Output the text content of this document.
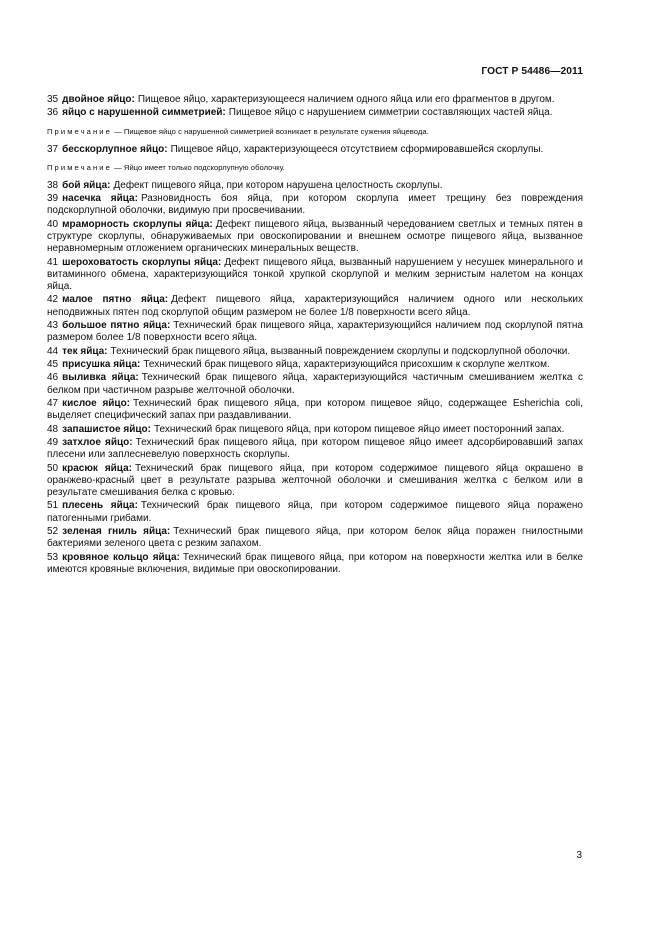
ГОСТ Р 54486—2011

35 двойное яйцо: Пищевое яйцо, характеризующееся наличием одного яйца или его фрагментов в другом.

36 яйцо с нарушенной симметрией: Пищевое яйцо с нарушением симметрии составляющих частей яйца.

Примечание — Пищевое яйцо с нарушенной симметрией возникает в результате сужения яйцевода.

37 бесскорлупное яйцо: Пищевое яйцо, характеризующееся отсутствием сформировавшейся скорлупы.

Примечание — Яйцо имеет только подскорлупную оболочку.

38 бой яйца: Дефект пищевого яйца, при котором нарушена целостность скорлупы.

39 насечка яйца: Разновидность боя яйца, при котором скорлупа имеет трещину без повреждения подскорлупной оболочки, видимую при просвечивании.

40 мраморность скорлупы яйца: Дефект пищевого яйца, вызванный чередованием светлых и темных пятен в структуре скорлупы, обнаруживаемых при овоскопировании и внешнем осмотре пищевого яйца, вызванное неравномерным отложением органических минеральных веществ.

41 шероховатость скорлупы яйца: Дефект пищевого яйца, вызванный нарушением у несушек минерального и витаминного обмена, характеризующийся тонкой хрупкой скорлупой и мелким зернистым налетом на концах яйца.

42 малое пятно яйца: Дефект пищевого яйца, характеризующийся наличием одного или нескольких неподвижных пятен под скорлупой общим размером не более 1/8 поверхности всего яйца.

43 большое пятно яйца: Технический брак пищевого яйца, характеризующийся наличием под скорлупой пятна размером более 1/8 поверхности всего яйца.

44 тек яйца: Технический брак пищевого яйца, вызванный повреждением скорлупы и подскорлупной оболочки.

45 присушка яйца: Технический брак пищевого яйца, характеризующийся присохшим к скорлупе желтком.

46 выливка яйца: Технический брак пищевого яйца, характеризующийся частичным смешиванием желтка с белком при частичном разрыве желточной оболочки.

47 кислое яйцо: Технический брак пищевого яйца, при котором пищевое яйцо, содержащее Esherichia coli, выделяет специфический запах при раздавливании.

48 запашистое яйцо: Технический брак пищевого яйца, при котором пищевое яйцо имеет посторонний запах.

49 затхлое яйцо: Технический брак пищевого яйца, при котором пищевое яйцо имеет адсорбировавший запах плесени или заплесневелую поверхность скорлупы.

50 красюк яйца: Технический брак пищевого яйца, при котором содержимое пищевого яйца окрашено в оранжево-красный цвет в результате разрыва желточной оболочки и смешивания желтка с белком или в результате смешивания белка с кровью.

51 плесень яйца: Технический брак пищевого яйца, при котором содержимое пищевого яйца поражено патогенными грибами.

52 зеленая гниль яйца: Технический брак пищевого яйца, при котором белок яйца поражен гнилостными бактериями зеленого цвета с резким запахом.

53 кровяное кольцо яйца: Технический брак пищевого яйца, при котором на поверхности желтка или в белке имеются кровяные включения, видимые при овоскопировании.

3
